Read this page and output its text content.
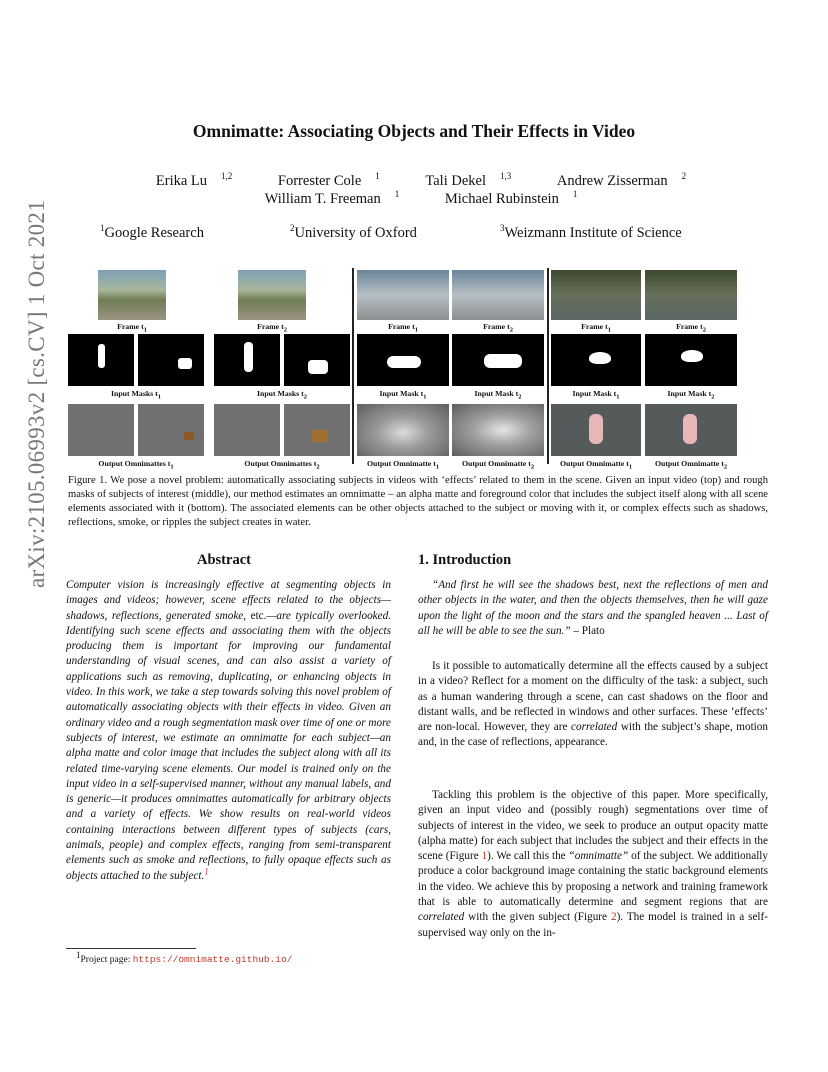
arXiv:2105.06993v2 [cs.CV] 1 Oct 2021
Omnimatte: Associating Objects and Their Effects in Video
Erika Lu $^{1,2}$	Forrester Cole $^1$	Tali Dekel $^{1,3}$	Andrew Zisserman $^2$
William T. Freeman $^1$	Michael Rubinstein $^1$
$^1$Google Research	$^2$University of Oxford	$^3$Weizmann Institute of Science
Frame $t_1$	Frame $t_2$	Frame $t_1$	Frame $t_2$	Frame $t_1$	Frame $t_2$
Input Masks $t_1$	Input Masks $t_2$	Input Mask $t_1$	Input Mask $t_2$	Input Mask $t_1$	Input Mask $t_2$
Output Omnimattes $t_1$	Output Omnimattes $t_2$	Output Omnimatte $t_1$	Output Omnimatte $t_2$	Output Omnimatte $t_1$	Output Omnimatte $t_2$
Figure 1. We pose a novel problem: automatically associating subjects in videos with ‘effects’ related to them in the scene. Given an input video (top) and rough masks of subjects of interest (middle), our method estimates an omnimatte – an alpha matte and foreground color that includes the subject itself along with all scene elements associated with it (bottom). The associated elements can be other objects attached to the subject or moving with it, or complex effects such as shadows, reflections, smoke, or ripples the subject creates in water.
Abstract
Computer vision is increasingly effective at segmenting objects in images and videos; however, scene effects related to the objects—shadows, reflections, generated smoke, etc.—are typically overlooked. Identifying such scene effects and associating them with the objects producing them is important for improving our fundamental understanding of visual scenes, and can also assist a variety of applications such as removing, duplicating, or enhancing objects in video. In this work, we take a step towards solving this novel problem of automatically associating objects with their effects in video. Given an ordinary video and a rough segmentation mask over time of one or more subjects of interest, we estimate an omnimatte for each subject—an alpha matte and color image that includes the subject along with all its related time-varying scene elements. Our model is trained only on the input video in a self-supervised manner, without any manual labels, and is generic—it produces omnimattes automatically for arbitrary objects and a variety of effects. We show results on real-world videos containing interactions between different types of subjects (cars, animals, people) and complex effects, ranging from semi-transparent elements such as smoke and reflections, to fully opaque effects such as objects attached to the subject.$^1$
1. Introduction
“And first he will see the shadows best, next the reflections of men and other objects in the water, and then the objects themselves, then he will gaze upon the light of the moon and the stars and the spangled heaven ... Last of all he will be able to see the sun.” – Plato
Is it possible to automatically determine all the effects caused by a subject in a video? Reflect for a moment on the difficulty of the task: a subject, such as a human wandering through a scene, can cast shadows on the floor and distant walls, and be reflected in windows and other surfaces. These ‘effects’ are non-local. However, they are correlated with the subject’s shape, motion and, in the case of reflections, appearance.
Tackling this problem is the objective of this paper. More specifically, given an input video and (possibly rough) segmentations over time of subjects of interest in the video, we seek to produce an output opacity matte (alpha matte) for each subject that includes the subject and their effects in the scene (Figure 1). We call this the “omnimatte” of the subject. We additionally produce a color background image containing the static background elements in the video. We achieve this by proposing a network and training framework that is able to automatically determine and segment regions that are correlated with the given subject (Figure 2). The model is trained in a self-supervised way only on the in-
$^1$Project page: https://omnimatte.github.io/
